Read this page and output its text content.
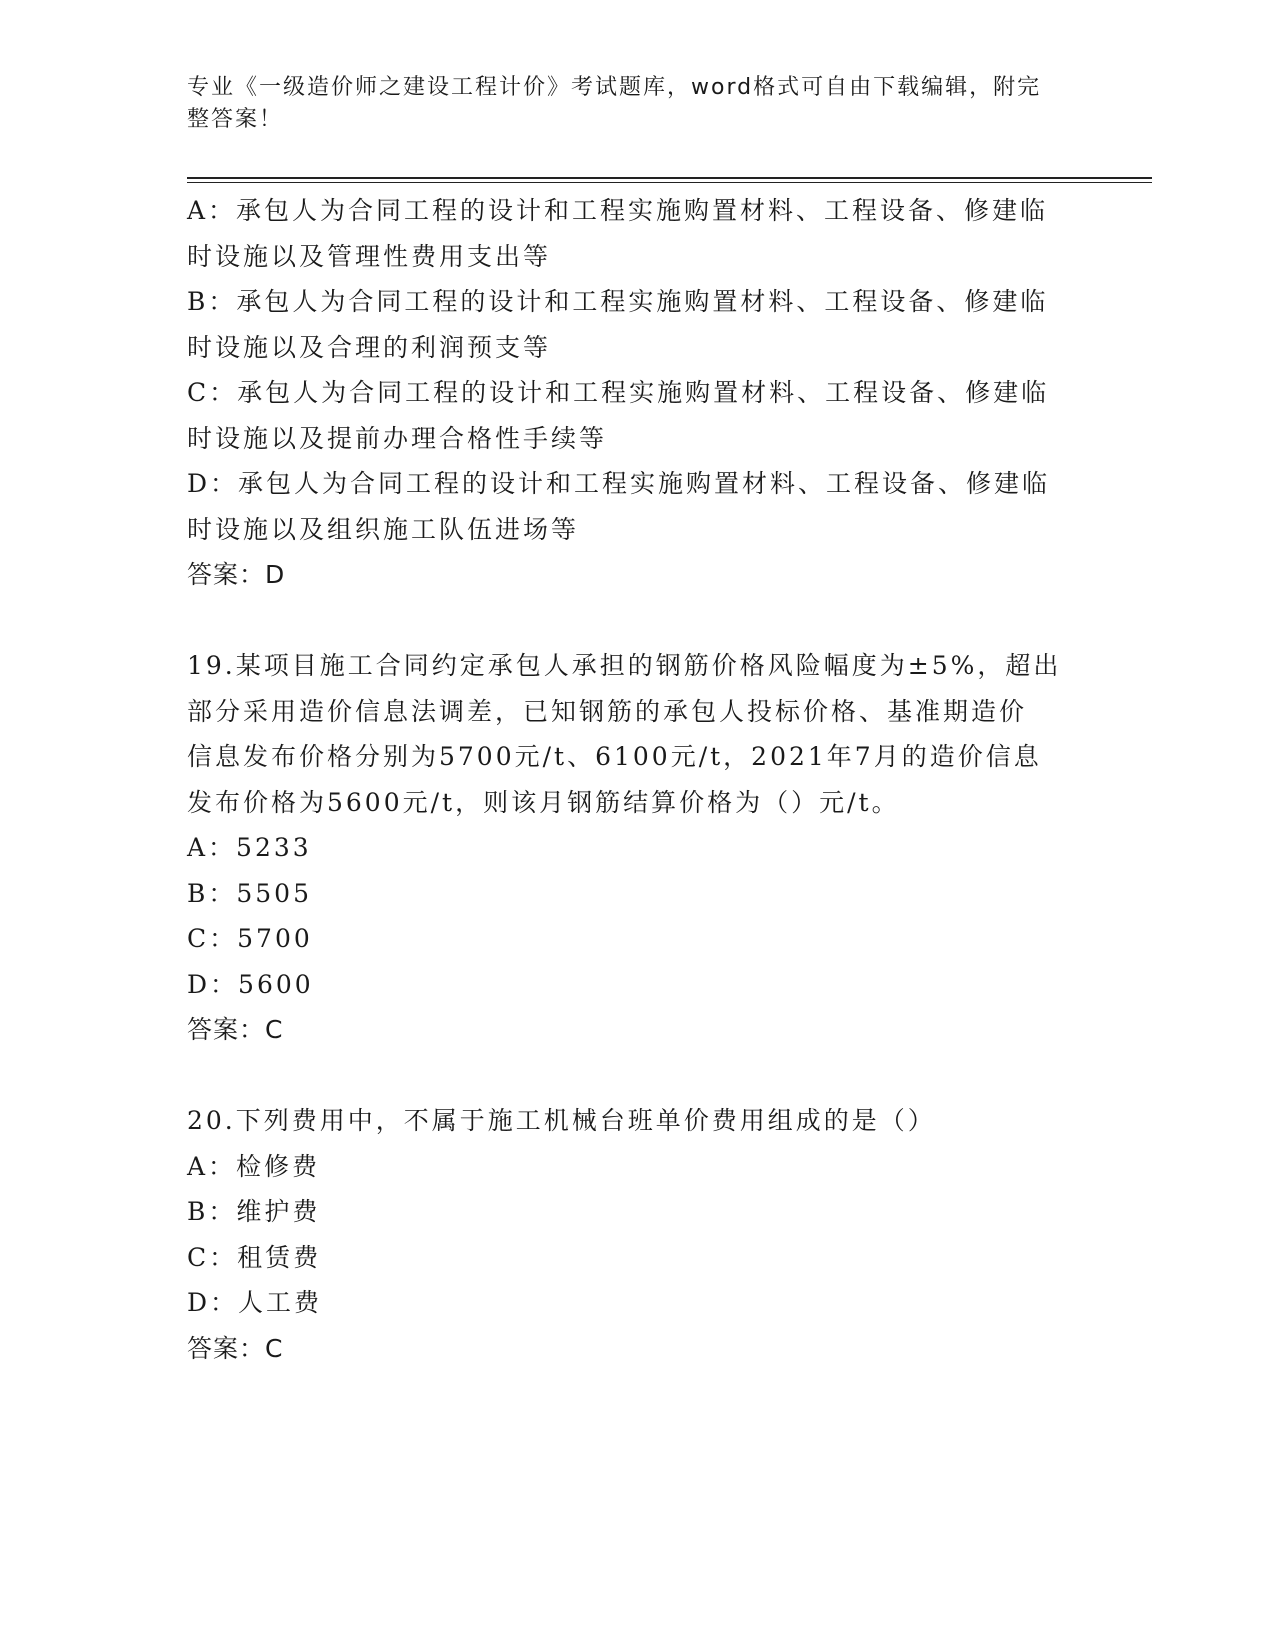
专业《一级造价师之建设工程计价》考试题库，word格式可自由下载编辑，附完
整答案！
A：承包人为合同工程的设计和工程实施购置材料、工程设备、修建临
时设施以及管理性费用支出等
B：承包人为合同工程的设计和工程实施购置材料、工程设备、修建临
时设施以及合理的利润预支等
C：承包人为合同工程的设计和工程实施购置材料、工程设备、修建临
时设施以及提前办理合格性手续等
D：承包人为合同工程的设计和工程实施购置材料、工程设备、修建临
时设施以及组织施工队伍进场等
答案：D
19.某项目施工合同约定承包人承担的钢筋价格风险幅度为±5%，超出
部分采用造价信息法调差，已知钢筋的承包人投标价格、基准期造价
信息发布价格分别为5700元/t、6100元/t，2021年7月的造价信息
发布价格为5600元/t，则该月钢筋结算价格为（）元/t。
A：5233
B：5505
C：5700
D：5600
答案：C
20.下列费用中，不属于施工机械台班单价费用组成的是（）
A：检修费
B：维护费
C：租赁费
D：人工费
答案：C
